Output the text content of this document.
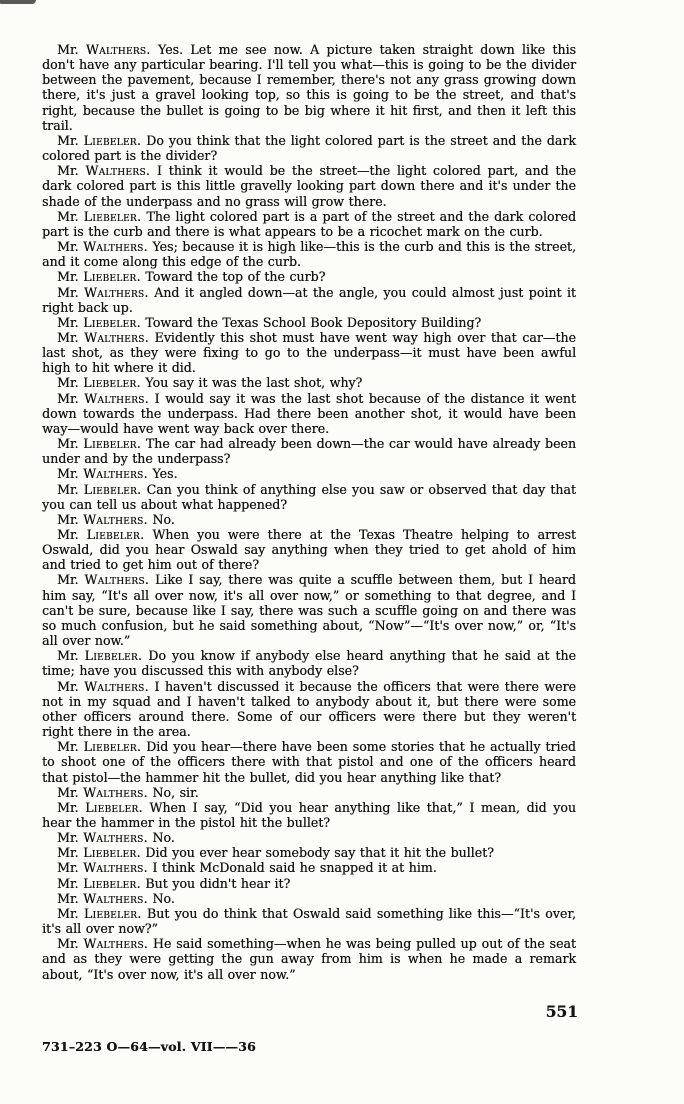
Mr. Walthers. Yes. Let me see now. A picture taken straight down like this don't have any particular bearing. I'll tell you what—this is going to be the divider between the pavement, because I remember, there's not any grass growing down there, it's just a gravel looking top, so this is going to be the street, and that's right, because the bullet is going to be big where it hit first, and then it left this trail.

Mr. Liebeler. Do you think that the light colored part is the street and the dark colored part is the divider?

Mr. Walthers. I think it would be the street—the light colored part, and the dark colored part is this little gravelly looking part down there and it's under the shade of the underpass and no grass will grow there.

Mr. Liebeler. The light colored part is a part of the street and the dark colored part is the curb and there is what appears to be a ricochet mark on the curb.

Mr. Walthers. Yes; because it is high like—this is the curb and this is the street, and it come along this edge of the curb.

Mr. Liebeler. Toward the top of the curb?

Mr. Walthers. And it angled down—at the angle, you could almost just point it right back up.

Mr. Liebeler. Toward the Texas School Book Depository Building?

Mr. Walthers. Evidently this shot must have went way high over that car—the last shot, as they were fixing to go to the underpass—it must have been awful high to hit where it did.

Mr. Liebeler. You say it was the last shot, why?

Mr. Walthers. I would say it was the last shot because of the distance it went down towards the underpass. Had there been another shot, it would have been way—would have went way back over there.

Mr. Liebeler. The car had already been down—the car would have already been under and by the underpass?

Mr. Walthers. Yes.

Mr. Liebeler. Can you think of anything else you saw or observed that day that you can tell us about what happened?

Mr. Walthers. No.

Mr. Liebeler. When you were there at the Texas Theatre helping to arrest Oswald, did you hear Oswald say anything when they tried to get ahold of him and tried to get him out of there?

Mr. Walthers. Like I say, there was quite a scuffle between them, but I heard him say, “It's all over now, it's all over now,” or something to that degree, and I can't be sure, because like I say, there was such a scuffle going on and there was so much confusion, but he said something about, “Now”—“It's over now,” or, “It's all over now.”

Mr. Liebeler. Do you know if anybody else heard anything that he said at the time; have you discussed this with anybody else?

Mr. Walthers. I haven't discussed it because the officers that were there were not in my squad and I haven't talked to anybody about it, but there were some other officers around there. Some of our officers were there but they weren't right there in the area.

Mr. Liebeler. Did you hear—there have been some stories that he actually tried to shoot one of the officers there with that pistol and one of the officers heard that pistol—the hammer hit the bullet, did you hear anything like that?

Mr. Walthers. No, sir.

Mr. Liebeler. When I say, “Did you hear anything like that,” I mean, did you hear the hammer in the pistol hit the bullet?

Mr. Walthers. No.

Mr. Liebeler. Did you ever hear somebody say that it hit the bullet?

Mr. Walthers. I think McDonald said he snapped it at him.

Mr. Liebeler. But you didn't hear it?

Mr. Walthers. No.

Mr. Liebeler. But you do think that Oswald said something like this—“It's over, it's all over now?”

Mr. Walthers. He said something—when he was being pulled up out of the seat and as they were getting the gun away from him is when he made a remark about, “It's over now, it's all over now.”

551
731–223 O—64—vol. VII——36
